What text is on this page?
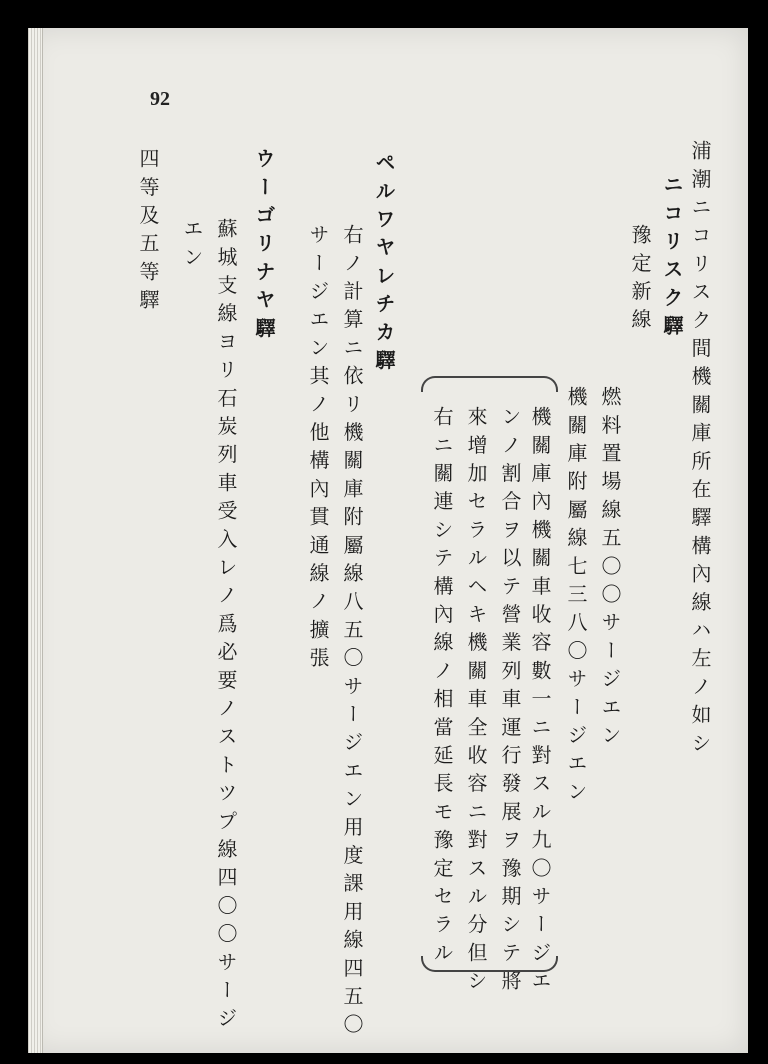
92
浦潮ニコリスク間機關庫所在驛構內線ハ左ノ如シ
ニコリスク驛
豫定新線
燃料置場線五〇〇サージエン
機關庫附屬線七三八〇サージエン
機關庫內機關車收容數一ニ對スル九〇サージエ
ンノ割合ヲ以テ營業列車運行發展ヲ豫期シテ將
來增加セラルヘキ機關車全收容ニ對スル分但シ
右ニ關連シテ構內線ノ相當延長モ豫定セラル
ペルワヤレチカ驛
右ノ計算ニ依リ機關庫附屬線八五〇サージエン用度課用線四五〇
サージエン其ノ他構內貫通線ノ擴張
ウーゴリナヤ驛
蘇城支線ヨリ石炭列車受入レノ爲必要ノストツプ線四〇〇サージ
エン
四等及五等驛
